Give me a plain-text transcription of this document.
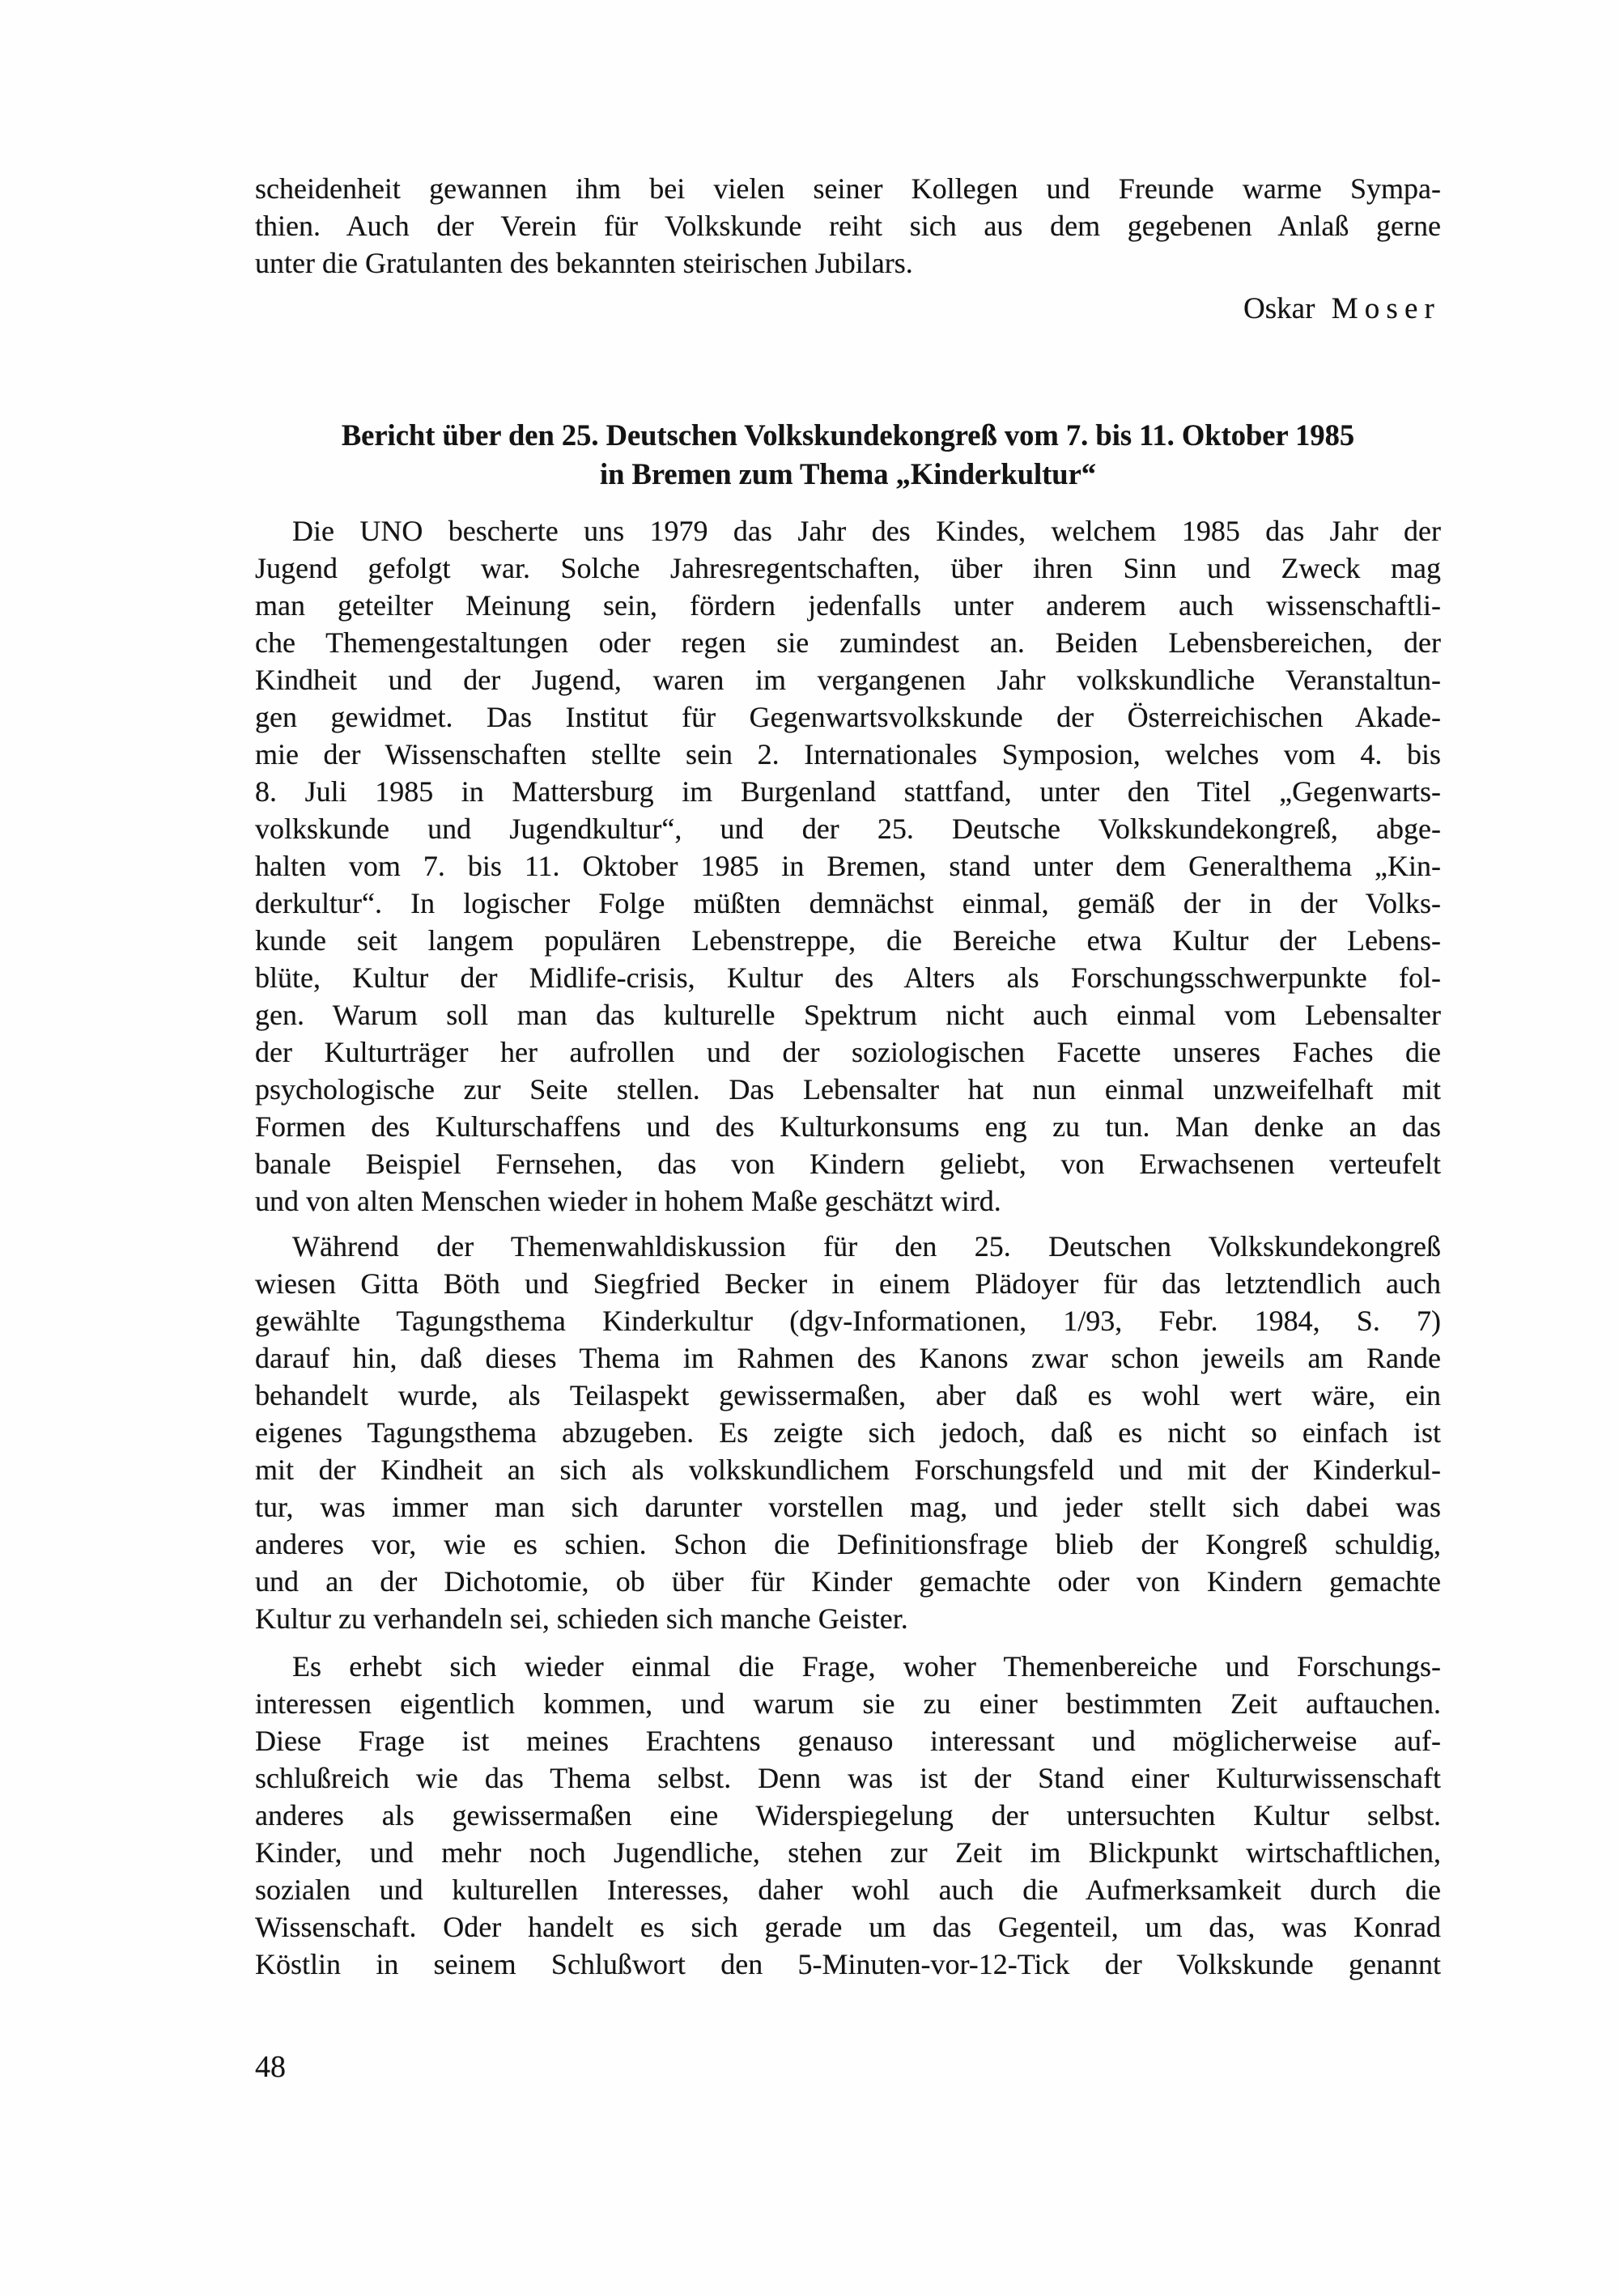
scheidenheit gewannen ihm bei vielen seiner Kollegen und Freunde warme Sympa-
thien. Auch der Verein für Volkskunde reiht sich aus dem gegebenen Anlaß gerne
unter die Gratulanten des bekannten steirischen Jubilars.
Oskar Moser
Bericht über den 25. Deutschen Volkskundekongreß vom 7. bis 11. Oktober 1985
in Bremen zum Thema „Kinderkultur“
Die UNO bescherte uns 1979 das Jahr des Kindes, welchem 1985 das Jahr der
Jugend gefolgt war. Solche Jahresregentschaften, über ihren Sinn und Zweck mag
man geteilter Meinung sein, fördern jedenfalls unter anderem auch wissenschaftli-
che Themengestaltungen oder regen sie zumindest an. Beiden Lebensbereichen, der
Kindheit und der Jugend, waren im vergangenen Jahr volkskundliche Veranstaltun-
gen gewidmet. Das Institut für Gegenwartsvolkskunde der Österreichischen Akade-
mie der Wissenschaften stellte sein 2. Internationales Symposion, welches vom 4. bis
8. Juli 1985 in Mattersburg im Burgenland stattfand, unter den Titel „Gegenwarts-
volkskunde und Jugendkultur“, und der 25. Deutsche Volkskundekongreß, abge-
halten vom 7. bis 11. Oktober 1985 in Bremen, stand unter dem Generalthema „Kin-
derkultur“. In logischer Folge müßten demnächst einmal, gemäß der in der Volks-
kunde seit langem populären Lebenstreppe, die Bereiche etwa Kultur der Lebens-
blüte, Kultur der Midlife-crisis, Kultur des Alters als Forschungsschwerpunkte fol-
gen. Warum soll man das kulturelle Spektrum nicht auch einmal vom Lebensalter
der Kulturträger her aufrollen und der soziologischen Facette unseres Faches die
psychologische zur Seite stellen. Das Lebensalter hat nun einmal unzweifelhaft mit
Formen des Kulturschaffens und des Kulturkonsums eng zu tun. Man denke an das
banale Beispiel Fernsehen, das von Kindern geliebt, von Erwachsenen verteufelt
und von alten Menschen wieder in hohem Maße geschätzt wird.
Während der Themenwahldiskussion für den 25. Deutschen Volkskundekongreß
wiesen Gitta Böth und Siegfried Becker in einem Plädoyer für das letztendlich auch
gewählte Tagungsthema Kinderkultur (dgv-Informationen, 1/93, Febr. 1984, S. 7)
darauf hin, daß dieses Thema im Rahmen des Kanons zwar schon jeweils am Rande
behandelt wurde, als Teilaspekt gewissermaßen, aber daß es wohl wert wäre, ein
eigenes Tagungsthema abzugeben. Es zeigte sich jedoch, daß es nicht so einfach ist
mit der Kindheit an sich als volkskundlichem Forschungsfeld und mit der Kinderkul-
tur, was immer man sich darunter vorstellen mag, und jeder stellt sich dabei was
anderes vor, wie es schien. Schon die Definitionsfrage blieb der Kongreß schuldig,
und an der Dichotomie, ob über für Kinder gemachte oder von Kindern gemachte
Kultur zu verhandeln sei, schieden sich manche Geister.
Es erhebt sich wieder einmal die Frage, woher Themenbereiche und Forschungs-
interessen eigentlich kommen, und warum sie zu einer bestimmten Zeit auftauchen.
Diese Frage ist meines Erachtens genauso interessant und möglicherweise auf-
schlußreich wie das Thema selbst. Denn was ist der Stand einer Kulturwissenschaft
anderes als gewissermaßen eine Widerspiegelung der untersuchten Kultur selbst.
Kinder, und mehr noch Jugendliche, stehen zur Zeit im Blickpunkt wirtschaftlichen,
sozialen und kulturellen Interesses, daher wohl auch die Aufmerksamkeit durch die
Wissenschaft. Oder handelt es sich gerade um das Gegenteil, um das, was Konrad
Köstlin in seinem Schlußwort den 5-Minuten-vor-12-Tick der Volkskunde genannt
48
